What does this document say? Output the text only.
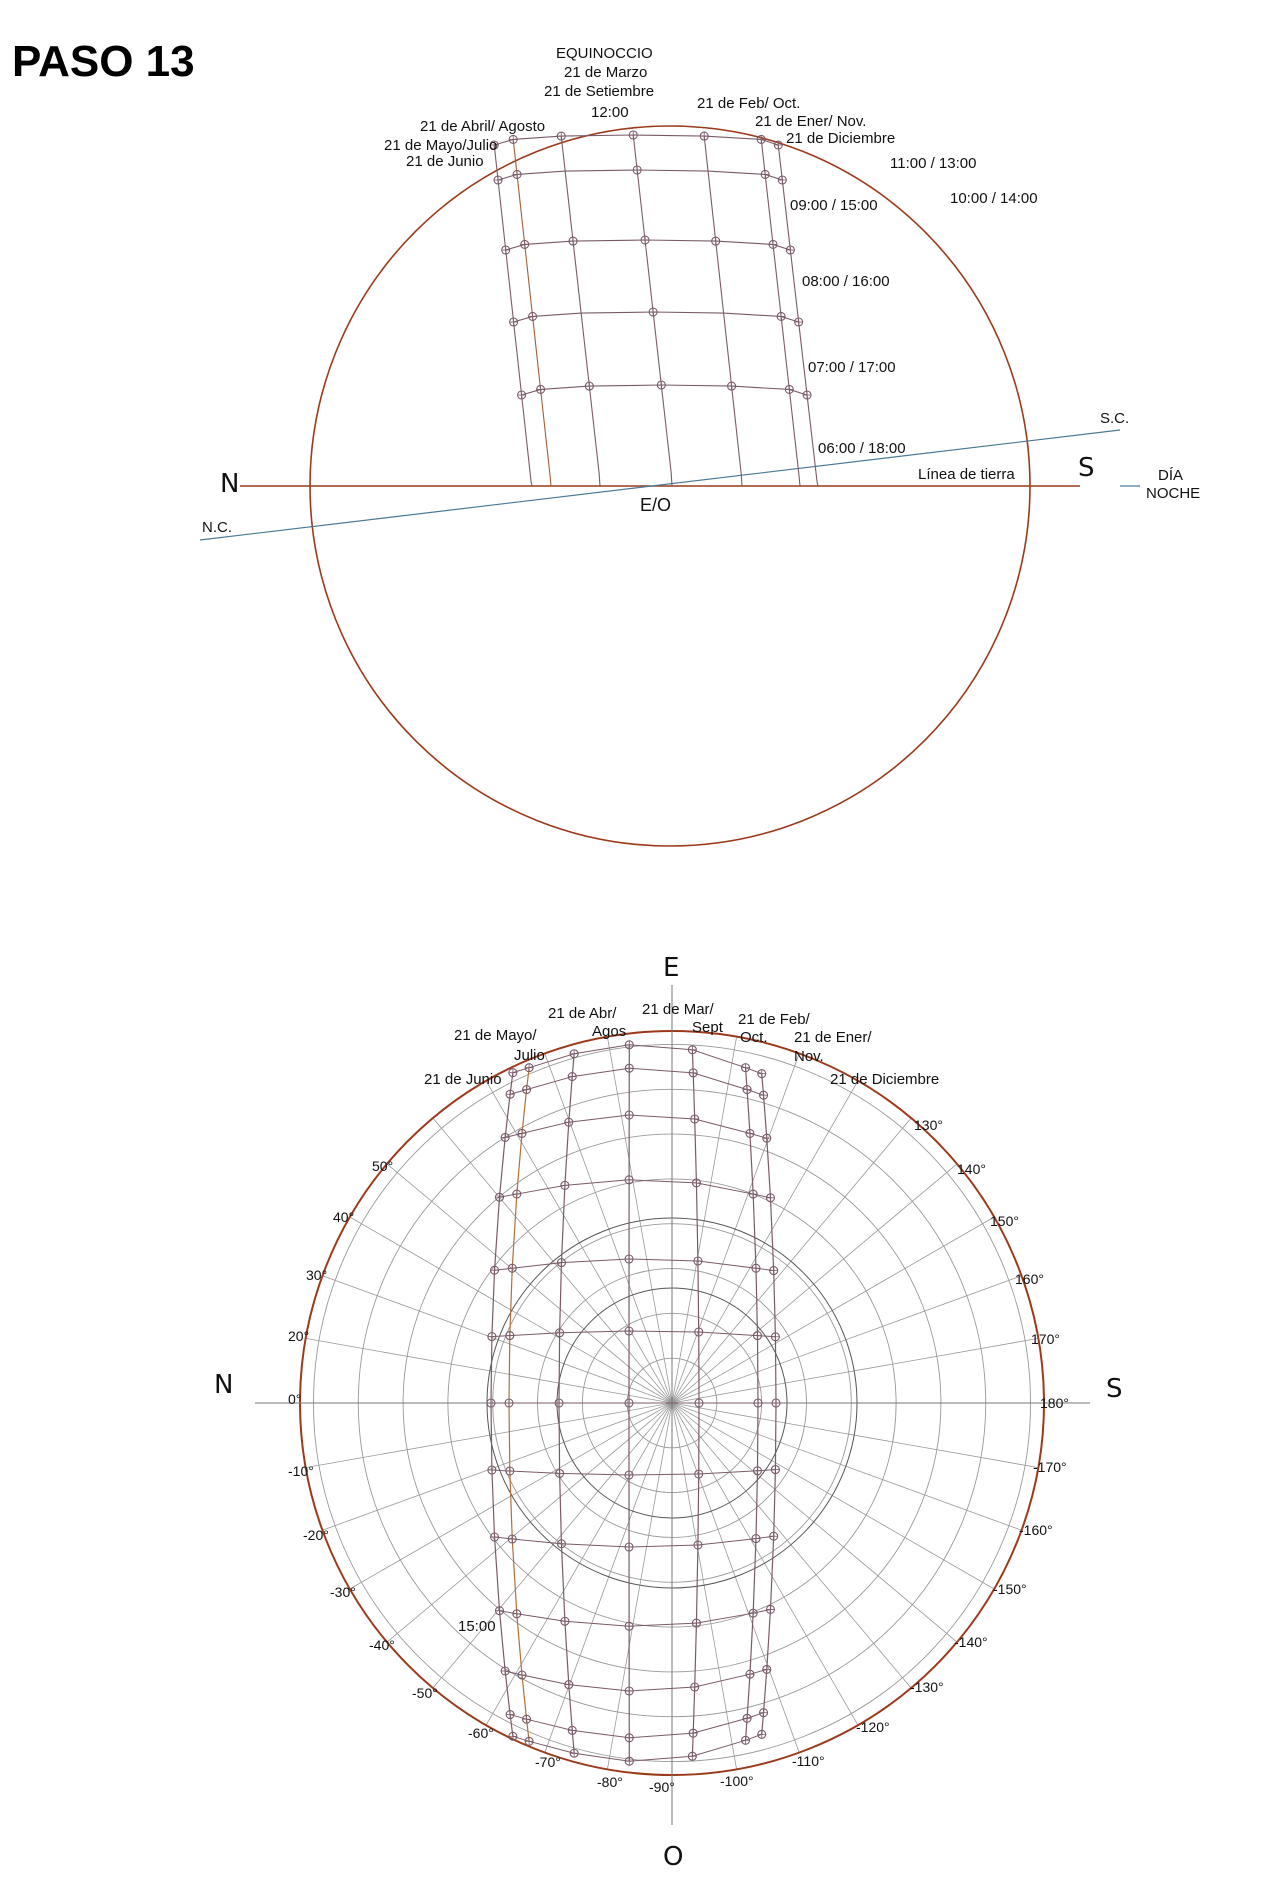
PASO 13
N
S
Línea de tierra
S.C.
N.C.
E/O
DÍA
NOCHE
EQUINOCCIO
21 de Marzo
21 de Setiembre
12:00
21 de Abril/ Agosto
21 de Mayo/Julio
21 de Junio
21 de Feb/ Oct.
21 de Ener/ Nov.
21 de Diciembre
11:00 / 13:00
10:00 / 14:00
09:00 / 15:00
08:00 / 16:00
07:00 / 17:00
06:00 / 18:00
E
O
N	S
21 de Junio
21 de Mayo/
Julio
21 de Abr/
Agos
21 de Mar/
Sept 21 de Feb/
Oct. 21 de Ener/
Nov.
21 de Diciembre
15:00
50°
40°
30°
20°
0°
-10°
-20°
-30°
-40°
-50°
-60°
130°
140°
150°
160°
170°
180°
-170°
-160°
-150°
-140°
-130°
-120°
-110°
-70°
-80° -90°	-100°
